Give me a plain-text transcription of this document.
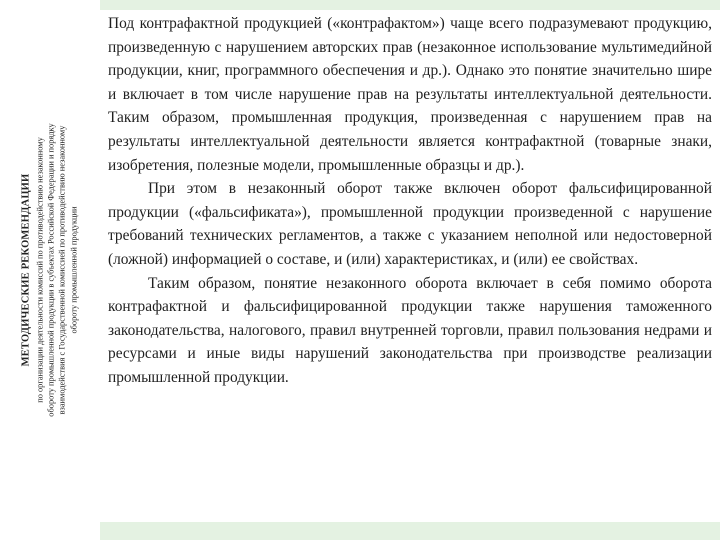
МЕТОДИЧЕСКИЕ РЕКОМЕНДАЦИИ по организации деятельности комиссий по противодействию незаконному обороту промышленной продукции в субъектах Российской Федерации и порядку взаимодействия с Государственной комиссией по противодействию незаконному обороту промышленной продукции

Под контрафактной продукцией («контрафактом») чаще всего подразумевают продукцию, произведенную с нарушением авторских прав (незаконное использование мультимедийной продукции, книг, программного обеспечения и др.). Однако это понятие значительно шире и включает в том числе нарушение прав на результаты интеллектуальной деятельности. Таким образом, промышленная продукция, произведенная с нарушением прав на результаты интеллектуальной деятельности является контрафактной (товарные знаки, изобретения, полезные модели, промышленные образцы и др.).

При этом в незаконный оборот также включен оборот фальсифицированной продукции («фальсификата»), промышленной продукции произведенной с нарушение требований технических регламентов, а также с указанием неполной или недостоверной (ложной) информацией о составе, и (или) характеристиках, и (или) ее свойствах.

Таким образом, понятие незаконного оборота включает в себя помимо оборота контрафактной и фальсифицированной продукции также нарушения таможенного законодательства, налогового, правил внутренней торговли, правил пользования недрами и ресурсами и иные виды нарушений законодательства при производстве реализации промышленной продукции.
